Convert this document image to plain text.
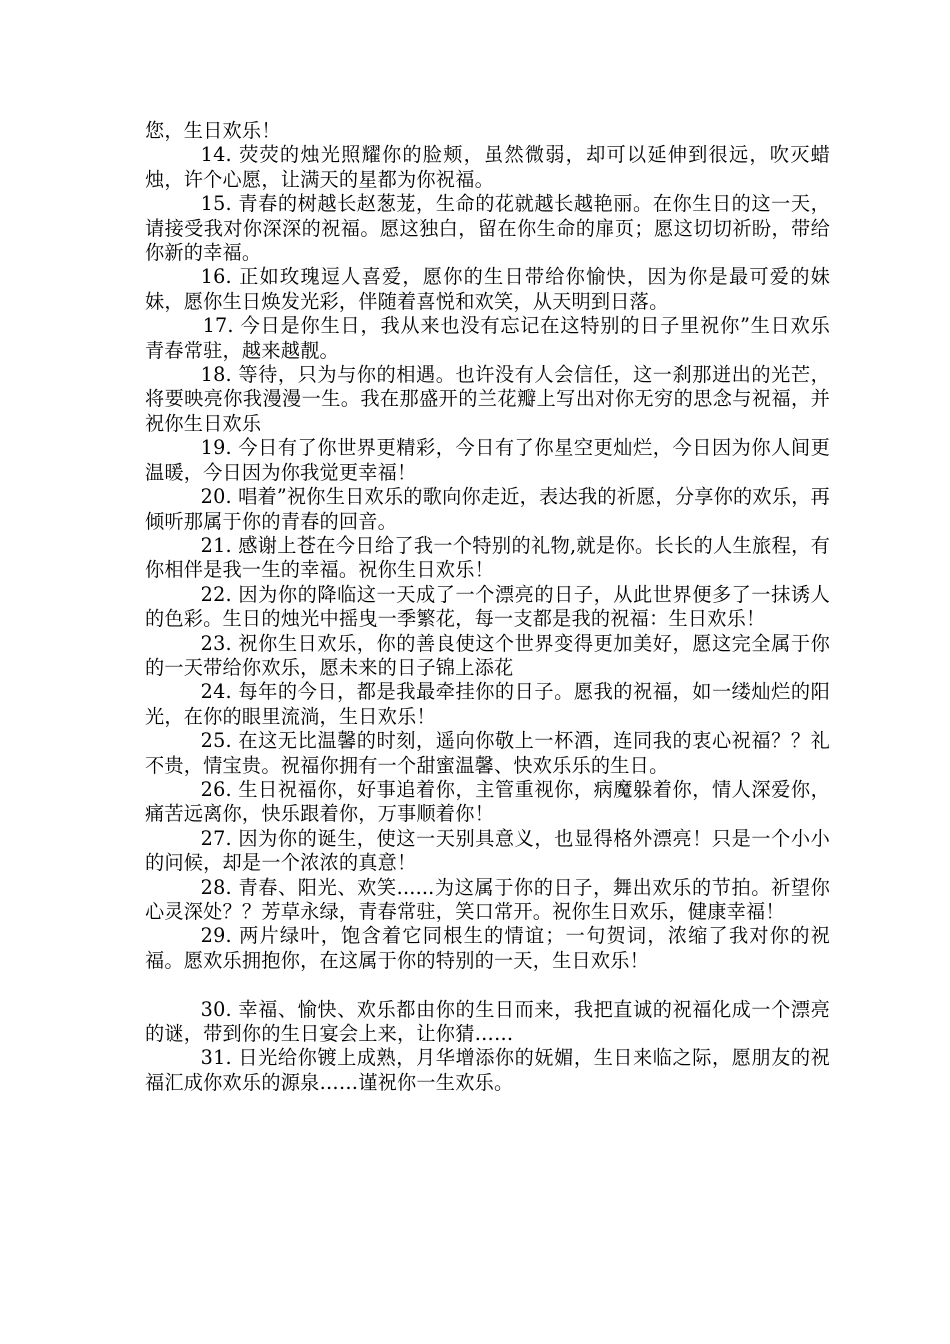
您，生日欢乐！

14. 荧荧的烛光照耀你的脸颊，虽然微弱，却可以延伸到很远，吹灭蜡烛，许个心愿，让满天的星都为你祝福。

15. 青春的树越长赵葱茏，生命的花就越长越艳丽。在你生日的这一天，请接受我对你深深的祝福。愿这独白，留在你生命的扉页；愿这切切祈盼，带给你新的幸福。

16. 正如玫瑰逗人喜爱，愿你的生日带给你愉快，因为你是最可爱的妹妹，愿你生日焕发光彩，伴随着喜悦和欢笑，从天明到日落。

17. 今日是你生日，我从来也没有忘记在这特别的日子里祝你”生日欢乐青春常驻，越来越靓。

18. 等待，只为与你的相遇。也许没有人会信任，这一刹那迸出的光芒，将要映亮你我漫漫一生。我在那盛开的兰花瓣上写出对你无穷的思念与祝福，并祝你生日欢乐

19. 今日有了你世界更精彩，今日有了你星空更灿烂，今日因为你人间更温暖，今日因为你我觉更幸福！

20. 唱着”祝你生日欢乐的歌向你走近，表达我的祈愿，分享你的欢乐，再倾听那属于你的青春的回音。

21. 感谢上苍在今日给了我一个特别的礼物,就是你。长长的人生旅程，有你相伴是我一生的幸福。祝你生日欢乐！

22. 因为你的降临这一天成了一个漂亮的日子，从此世界便多了一抹诱人的色彩。生日的烛光中摇曳一季繁花，每一支都是我的祝福：生日欢乐！

23. 祝你生日欢乐，你的善良使这个世界变得更加美好，愿这完全属于你的一天带给你欢乐，愿未来的日子锦上添花

24. 每年的今日，都是我最牵挂你的日子。愿我的祝福，如一缕灿烂的阳光，在你的眼里流淌，生日欢乐！

25. 在这无比温馨的时刻，遥向你敬上一杯酒，连同我的衷心祝福？？礼不贵，情宝贵。祝福你拥有一个甜蜜温馨、快欢乐乐的生日。

26. 生日祝福你，好事追着你，主管重视你，病魔躲着你，情人深爱你，痛苦远离你，快乐跟着你，万事顺着你！

27. 因为你的诞生，使这一天别具意义，也显得格外漂亮！只是一个小小的问候，却是一个浓浓的真意！

28. 青春、阳光、欢笑......为这属于你的日子，舞出欢乐的节拍。祈望你心灵深处？？芳草永绿，青春常驻，笑口常开。祝你生日欢乐，健康幸福！

29. 两片绿叶，饱含着它同根生的情谊；一句贺词，浓缩了我对你的祝福。愿欢乐拥抱你，在这属于你的特别的一天，生日欢乐！

30. 幸福、愉快、欢乐都由你的生日而来，我把直诚的祝福化成一个漂亮的谜，带到你的生日宴会上来，让你猜……

31. 日光给你镀上成熟，月华增添你的妩媚，生日来临之际，愿朋友的祝福汇成你欢乐的源泉……谨祝你一生欢乐。
